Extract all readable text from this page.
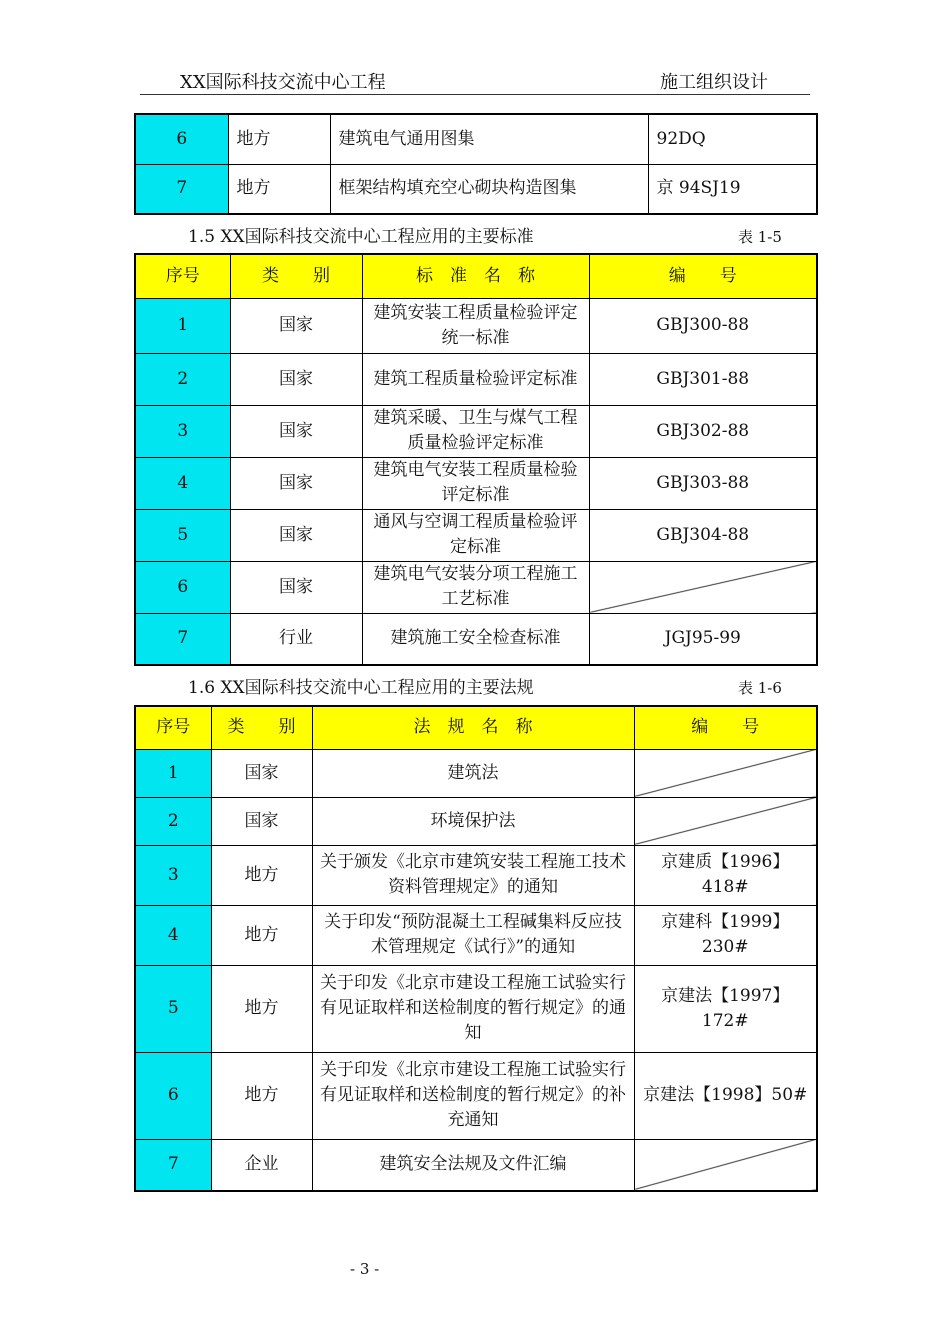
XX国际科技交流中心工程	施工组织设计
6	地方	建筑电气通用图集	92DQ
7	地方	框架结构填充空心砌块构造图集	京 94SJ19
1.5 XX国际科技交流中心工程应用的主要标准	表 1-5
序号	类　　别	标　准　名　称	编　　号
1	国家	建筑安装工程质量检验评定统一标准	GBJ300-88
2	国家	建筑工程质量检验评定标准	GBJ301-88
3	国家	建筑采暖、卫生与煤气工程质量检验评定标准	GBJ302-88
4	国家	建筑电气安装工程质量检验评定标准	GBJ303-88
5	国家	通风与空调工程质量检验评定标准	GBJ304-88
6	国家	建筑电气安装分项工程施工工艺标准	
7	行业	建筑施工安全检查标准	JGJ95-99
1.6 XX国际科技交流中心工程应用的主要法规	表 1-6
序号	类　　别	法　规　名　称	编　　号
1	国家	建筑法	
2	国家	环境保护法	
3	地方	关于颁发《北京市建筑安装工程施工技术资料管理规定》的通知	京建质【1996】418#
4	地方	关于印发“预防混凝土工程碱集料反应技术管理规定《试行》”的通知	京建科【1999】230#
5	地方	关于印发《北京市建设工程施工试验实行有见证取样和送检制度的暂行规定》的通知	京建法【1997】172#
6	地方	关于印发《北京市建设工程施工试验实行有见证取样和送检制度的暂行规定》的补充通知	京建法【1998】50#
7	企业	建筑安全法规及文件汇编	
- 3 -
